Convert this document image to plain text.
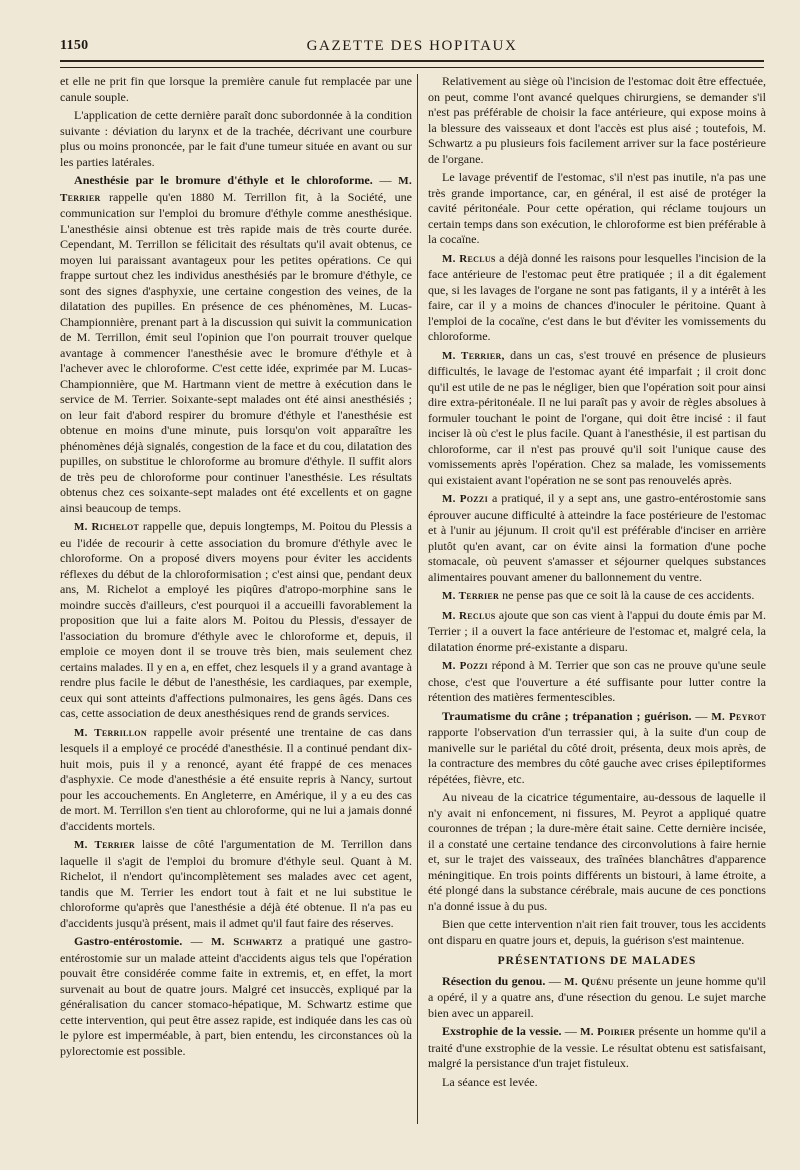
1150	GAZETTE DES HOPITAUX

et elle ne prit fin que lorsque la première canule fut remplacée par une canule souple.

L'application de cette dernière paraît donc subordonnée à la condition suivante : déviation du larynx et de la trachée, décrivant une courbure plus ou moins prononcée, par le fait d'une tumeur située en avant ou sur les parties latérales.

Anesthésie par le bromure d'éthyle et le chloroforme. — M. Terrier rappelle qu'en 1880 M. Terrillon fit, à la Société, une communication sur l'emploi du bromure d'éthyle comme anesthésique. L'anesthésie ainsi obtenue est très rapide mais de très courte durée. Cependant, M. Terrillon se félicitait des résultats qu'il avait obtenus, ce moyen lui paraissant avantageux pour les petites opérations. Ce qui frappe surtout chez les individus anesthésiés par le bromure d'éthyle, ce sont des signes d'asphyxie, une certaine congestion des veines, de la dilatation des pupilles. En présence de ces phénomènes, M. Lucas-Championnière, prenant part à la discussion qui suivit la communication de M. Terrillon, émit seul l'opinion que l'on pourrait trouver quelque avantage à commencer l'anesthésie avec le bromure d'éthyle et à l'achever avec le chloroforme. C'est cette idée, exprimée par M. Lucas-Championnière, que M. Hartmann vient de mettre à exécution dans le service de M. Terrier. Soixante-sept malades ont été ainsi anesthésiés ; on leur fait d'abord respirer du bromure d'éthyle et l'anesthésie est obtenue en moins d'une minute, puis lorsqu'on voit apparaître les phénomènes déjà signalés, congestion de la face et du cou, dilatation des pupilles, on substitue le chloroforme au bromure d'éthyle. Il suffit alors de très peu de chloroforme pour continuer l'anesthésie. Les résultats obtenus chez ces soixante-sept malades ont été excellents et on gagne ainsi beaucoup de temps.

M. Richelot rappelle que, depuis longtemps, M. Poitou du Plessis a eu l'idée de recourir à cette association du bromure d'éthyle avec le chloroforme. On a proposé divers moyens pour éviter les accidents réflexes du début de la chloroformisation ; c'est ainsi que, pendant deux ans, M. Richelot a employé les piqûres d'atropo-morphine sans le moindre succès d'ailleurs, c'est pourquoi il a accueilli favorablement la proposition que lui a faite alors M. Poitou du Plessis, d'essayer de l'association du bromure d'éthyle avec le chloroforme et, depuis, il emploie ce moyen dont il se trouve très bien, mais seulement chez certains malades. Il y en a, en effet, chez lesquels il y a grand avantage à rendre plus facile le début de l'anesthésie, les cardiaques, par exemple, ceux qui sont atteints d'affections pulmonaires, les gens âgés. Dans ces cas, cette association de deux anesthésiques rend de grands services.

M. Terrillon rappelle avoir présenté une trentaine de cas dans lesquels il a employé ce procédé d'anesthésie. Il a continué pendant dix-huit mois, puis il y a renoncé, ayant été frappé de ces menaces d'asphyxie. Ce mode d'anesthésie a été ensuite repris à Nancy, surtout pour les accouchements. En Angleterre, en Amérique, il y a eu des cas de mort. M. Terrillon s'en tient au chloroforme, qui ne lui a jamais donné d'accidents mortels.

M. Terrier laisse de côté l'argumentation de M. Terrillon dans laquelle il s'agit de l'emploi du bromure d'éthyle seul. Quant à M. Richelot, il n'endort qu'incomplètement ses malades avec cet agent, tandis que M. Terrier les endort tout à fait et ne lui substitue le chloroforme qu'après que l'anesthésie a déjà été obtenue. Il n'a pas eu d'accidents jusqu'à présent, mais il admet qu'il faut faire des réserves.

Gastro-entérostomie. — M. Schwartz a pratiqué une gastro-entérostomie sur un malade atteint d'accidents aigus tels que l'opération pouvait être considérée comme faite in extremis, et, en effet, la mort survenait au bout de quatre jours. Malgré cet insuccès, expliqué par la généralisation du cancer stomaco-hépatique, M. Schwartz estime que cette intervention, qui peut être assez rapide, est indiquée dans les cas où le pylore est imperméable, à part, bien entendu, les circonstances où la pylorectomie est possible.

Relativement au siège où l'incision de l'estomac doit être effectuée, on peut, comme l'ont avancé quelques chirurgiens, se demander s'il n'est pas préférable de choisir la face antérieure, qui expose moins à la blessure des vaisseaux et dont l'accès est plus aisé ; toutefois, M. Schwartz a pu plusieurs fois facilement arriver sur la face postérieure de l'organe.

Le lavage préventif de l'estomac, s'il n'est pas inutile, n'a pas une très grande importance, car, en général, il est aisé de protéger la cavité péritonéale. Pour cette opération, qui réclame toujours un certain temps dans son exécution, le chloroforme est bien préférable à la cocaïne.

M. Reclus a déjà donné les raisons pour lesquelles l'incision de la face antérieure de l'estomac peut être pratiquée ; il a dit également que, si les lavages de l'organe ne sont pas fatigants, il y a intérêt à les faire, car il y a moins de chances d'inoculer le péritoine. Quant à l'emploi de la cocaïne, c'est dans le but d'éviter les vomissements du chloroforme.

M. Terrier, dans un cas, s'est trouvé en présence de plusieurs difficultés, le lavage de l'estomac ayant été imparfait ; il croit donc qu'il est utile de ne pas le négliger, bien que l'opération soit pour ainsi dire extra-péritonéale. Il ne lui paraît pas y avoir de règles absolues à formuler touchant le point de l'organe, qui doit être incisé : il faut inciser là où c'est le plus facile. Quant à l'anesthésie, il est partisan du chloroforme, car il n'est pas prouvé qu'il soit l'unique cause des vomissements après l'opération. Chez sa malade, les vomissements qui existaient avant l'opération ne se sont pas renouvelés après.

M. Pozzi a pratiqué, il y a sept ans, une gastro-entérostomie sans éprouver aucune difficulté à atteindre la face postérieure de l'estomac et à l'unir au jéjunum. Il croit qu'il est préférable d'inciser en arrière plutôt qu'en avant, car on évite ainsi la formation d'une poche stomacale, où peuvent s'amasser et séjourner quelques substances alimentaires pouvant amener du ballonnement du ventre.

M. Terrier ne pense pas que ce soit là la cause de ces accidents.

M. Reclus ajoute que son cas vient à l'appui du doute émis par M. Terrier ; il a ouvert la face antérieure de l'estomac et, malgré cela, la dilatation énorme pré-existante a disparu.

M. Pozzi répond à M. Terrier que son cas ne prouve qu'une seule chose, c'est que l'ouverture a été suffisante pour lutter contre la rétention des matières fermentescibles.

Traumatisme du crâne ; trépanation ; guérison. — M. Peyrot rapporte l'observation d'un terrassier qui, à la suite d'un coup de manivelle sur le pariétal du côté droit, présenta, deux mois après, de la contracture des membres du côté gauche avec crises épileptiformes répétées, fièvre, etc.

Au niveau de la cicatrice tégumentaire, au-dessous de laquelle il n'y avait ni enfoncement, ni fissures, M. Peyrot a appliqué quatre couronnes de trépan ; la dure-mère était saine. Cette dernière incisée, il a constaté une certaine tendance des circonvolutions à faire hernie et, sur le trajet des vaisseaux, des traînées blanchâtres d'apparence méningitique. En trois points différents un bistouri, à lame étroite, a été plongé dans la substance cérébrale, mais aucune de ces ponctions n'a donné issue à du pus.

Bien que cette intervention n'ait rien fait trouver, tous les accidents ont disparu en quatre jours et, depuis, la guérison s'est maintenue.

PRÉSENTATIONS DE MALADES

Résection du genou. — M. Quénu présente un jeune homme qu'il a opéré, il y a quatre ans, d'une résection du genou. Le sujet marche bien avec un appareil.

Exstrophie de la vessie. — M. Poirier présente un homme qu'il a traité d'une exstrophie de la vessie. Le résultat obtenu est satisfaisant, malgré la persistance d'un trajet fistuleux.

La séance est levée.
